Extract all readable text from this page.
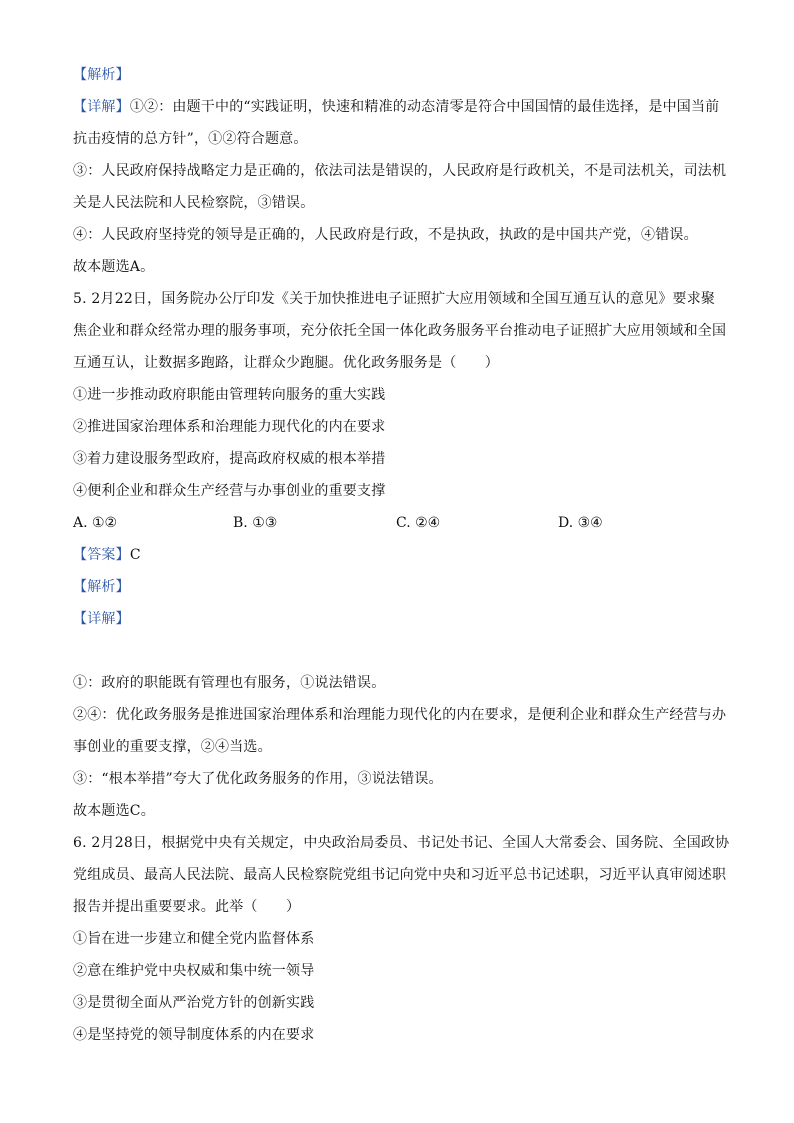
【解析】
【详解】①②：由题干中的“实践证明，快速和精准的动态清零是符合中国国情的最佳选择，是中国当前
抗击疫情的总方针”，①②符合题意。
③：人民政府保持战略定力是正确的，依法司法是错误的，人民政府是行政机关，不是司法机关，司法机
关是人民法院和人民检察院，③错误。
④：人民政府坚持党的领导是正确的，人民政府是行政，不是执政，执政的是中国共产党，④错误。
故本题选A。
5. 2月22日，国务院办公厅印发《关于加快推进电子证照扩大应用领域和全国互通互认的意见》要求聚
焦企业和群众经常办理的服务事项，充分依托全国一体化政务服务平台推动电子证照扩大应用领域和全国
互通互认，让数据多跑路，让群众少跑腿。优化政务服务是（　　）
①进一步推动政府职能由管理转向服务的重大实践
②推进国家治理体系和治理能力现代化的内在要求
③着力建设服务型政府，提高政府权威的根本举措
④便利企业和群众生产经营与办事创业的重要支撑
A. ①②	B. ①③	C. ②④	D. ③④
【答案】C
【解析】
【详解】
①：政府的职能既有管理也有服务，①说法错误。
②④：优化政务服务是推进国家治理体系和治理能力现代化的内在要求，是便利企业和群众生产经营与办
事创业的重要支撑，②④当选。
③：“根本举措”夸大了优化政务服务的作用，③说法错误。
故本题选C。
6. 2月28日，根据党中央有关规定，中央政治局委员、书记处书记、全国人大常委会、国务院、全国政协
党组成员、最高人民法院、最高人民检察院党组书记向党中央和习近平总书记述职，习近平认真审阅述职
报告并提出重要要求。此举（　　）
①旨在进一步建立和健全党内监督体系
②意在维护党中央权威和集中统一领导
③是贯彻全面从严治党方针的创新实践
④是坚持党的领导制度体系的内在要求
